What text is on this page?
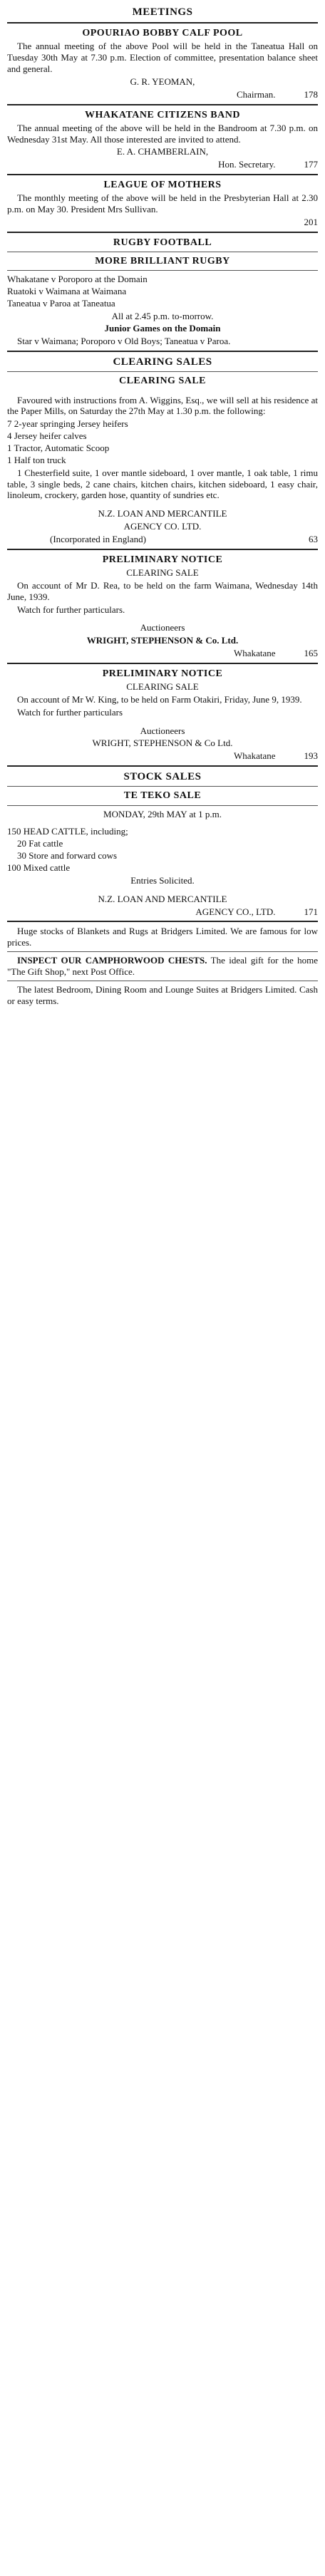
MEETINGS
OPOURIAO BOBBY CALF POOL
The annual meeting of the above Pool will be held in the Taneatua Hall on Tuesday 30th May at 7.30 p.m. Election of committee, presentation balance sheet and general.
G. R. YEOMAN,
Chairman.	178
WHAKATANE CITIZENS BAND
The annual meeting of the above will be held in the Bandroom at 7.30 p.m. on Wednesday 31st May. All those interested are invited to attend.
E. A. CHAMBERLAIN,
Hon. Secretary.	177
LEAGUE OF MOTHERS
The monthly meeting of the above will be held in the Presbyterian Hall at 2.30 p.m. on May 30. President Mrs Sullivan.
201
RUGBY FOOTBALL
MORE BRILLIANT RUGBY
Whakatane v Poroporo at the Domain
Ruatoki v Waimana at Waimana
Taneatua v Paroa at Taneatua
All at 2.45 p.m. to-morrow.
Junior Games on the Domain
Star v Waimana; Poroporo v Old Boys; Taneatua v Paroa.
CLEARING SALES
CLEARING SALE
Favoured with instructions from A. Wiggins, Esq., we will sell at his residence at the Paper Mills, on Saturday the 27th May at 1.30 p.m. the following:
7 2-year springing Jersey heifers
4 Jersey heifer calves
1 Tractor, Automatic Scoop
1 Half ton truck
1 Chesterfield suite, 1 over mantle sideboard, 1 over mantle, 1 oak table, 1 rimu table, 3 single beds, 2 cane chairs, kitchen chairs, kitchen sideboard, 1 easy chair, linoleum, crockery, garden hose, quantity of sundries etc.
N.Z. LOAN AND MERCANTILE
AGENCY CO. LTD.
(Incorporated in England)	63
PRELIMINARY NOTICE
CLEARING SALE
On account of Mr D. Rea, to be held on the farm Waimana, Wednesday 14th June, 1939.
Watch for further particulars.
Auctioneers
WRIGHT, STEPHENSON & Co. Ltd.
Whakatane	165
PRELIMINARY NOTICE
CLEARING SALE
On account of Mr W. King, to be held on Farm Otakiri, Friday, June 9, 1939.
Watch for further particulars
Auctioneers
WRIGHT, STEPHENSON & Co Ltd.
Whakatane	193
STOCK SALES
TE TEKO SALE
MONDAY, 29th MAY at 1 p.m.
150 HEAD CATTLE, including;
20 Fat cattle
30 Store and forward cows
100 Mixed cattle
Entries Solicited.
N.Z. LOAN AND MERCANTILE
AGENCY CO., LTD.	171
Huge stocks of Blankets and Rugs at Bridgers Limited. We are famous for low prices.
INSPECT OUR CAMPHORWOOD CHESTS. The ideal gift for the home "The Gift Shop," next Post Office.
The latest Bedroom, Dining Room and Lounge Suites at Bridgers Limited. Cash or easy terms.
